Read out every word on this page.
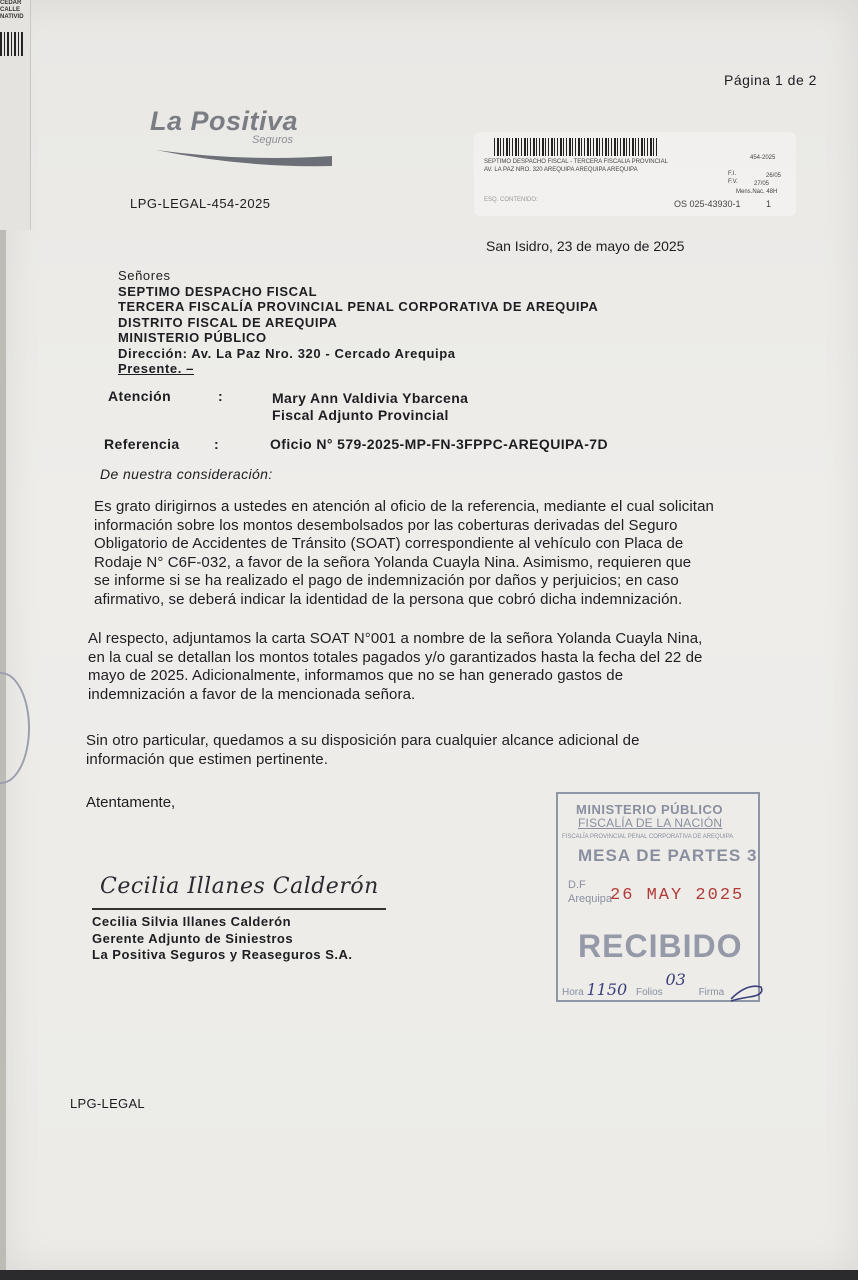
CEDAR
CALLE
NATIVID
Página 1 de 2
La Positiva
Seguros
LPG-LEGAL-454-2025
454-2025
SEPTIMO DESPACHO FISCAL - TERCERA FISCALIA PROVINCIAL
AV. LA PAZ NRO. 320 AREQUIPA AREQUIPA AREQUIPA
F.I.	26/05
F.V.	27/05
Mens.Nac. 48H
ESQ. CONTENIDO:	OS 025-43930-1	1
San Isidro, 23 de mayo de 2025
Señores
SEPTIMO DESPACHO FISCAL
TERCERA FISCALÍA PROVINCIAL PENAL CORPORATIVA DE AREQUIPA
DISTRITO FISCAL DE AREQUIPA
MINISTERIO PÚBLICO
Dirección: Av. La Paz Nro. 320 - Cercado Arequipa
Presente. –
Atención	:	Mary Ann Valdivia Ybarcena
Fiscal Adjunto Provincial
Referencia :	Oficio N° 579-2025-MP-FN-3FPPC-AREQUIPA-7D
De nuestra consideración:
Es grato dirigirnos a ustedes en atención al oficio de la referencia, mediante el cual solicitan
información sobre los montos desembolsados por las coberturas derivadas del Seguro
Obligatorio de Accidentes de Tránsito (SOAT) correspondiente al vehículo con Placa de
Rodaje N° C6F-032, a favor de la señora Yolanda Cuayla Nina. Asimismo, requieren que
se informe si se ha realizado el pago de indemnización por daños y perjuicios; en caso
afirmativo, se deberá indicar la identidad de la persona que cobró dicha indemnización.
Al respecto, adjuntamos la carta SOAT N°001 a nombre de la señora Yolanda Cuayla Nina,
en la cual se detallan los montos totales pagados y/o garantizados hasta la fecha del 22 de
mayo de 2025. Adicionalmente, informamos que no se han generado gastos de
indemnización a favor de la mencionada señora.
Sin otro particular, quedamos a su disposición para cualquier alcance adicional de
información que estimen pertinente.
Atentamente,
Cecilia Illanes Calderón
Cecilia Silvia Illanes Calderón
Gerente Adjunto de Siniestros
La Positiva Seguros y Reaseguros S.A.
MINISTERIO PÚBLICO
FISCALÍA DE LA NACIÓN
FISCALÍA PROVINCIAL PENAL CORPORATIVA DE AREQUIPA
MESA DE PARTES 3
D.F
Arequipa
26 MAY 2025
RECIBIDO
Hora 1150 Folios 03 Firma
LPG-LEGAL
